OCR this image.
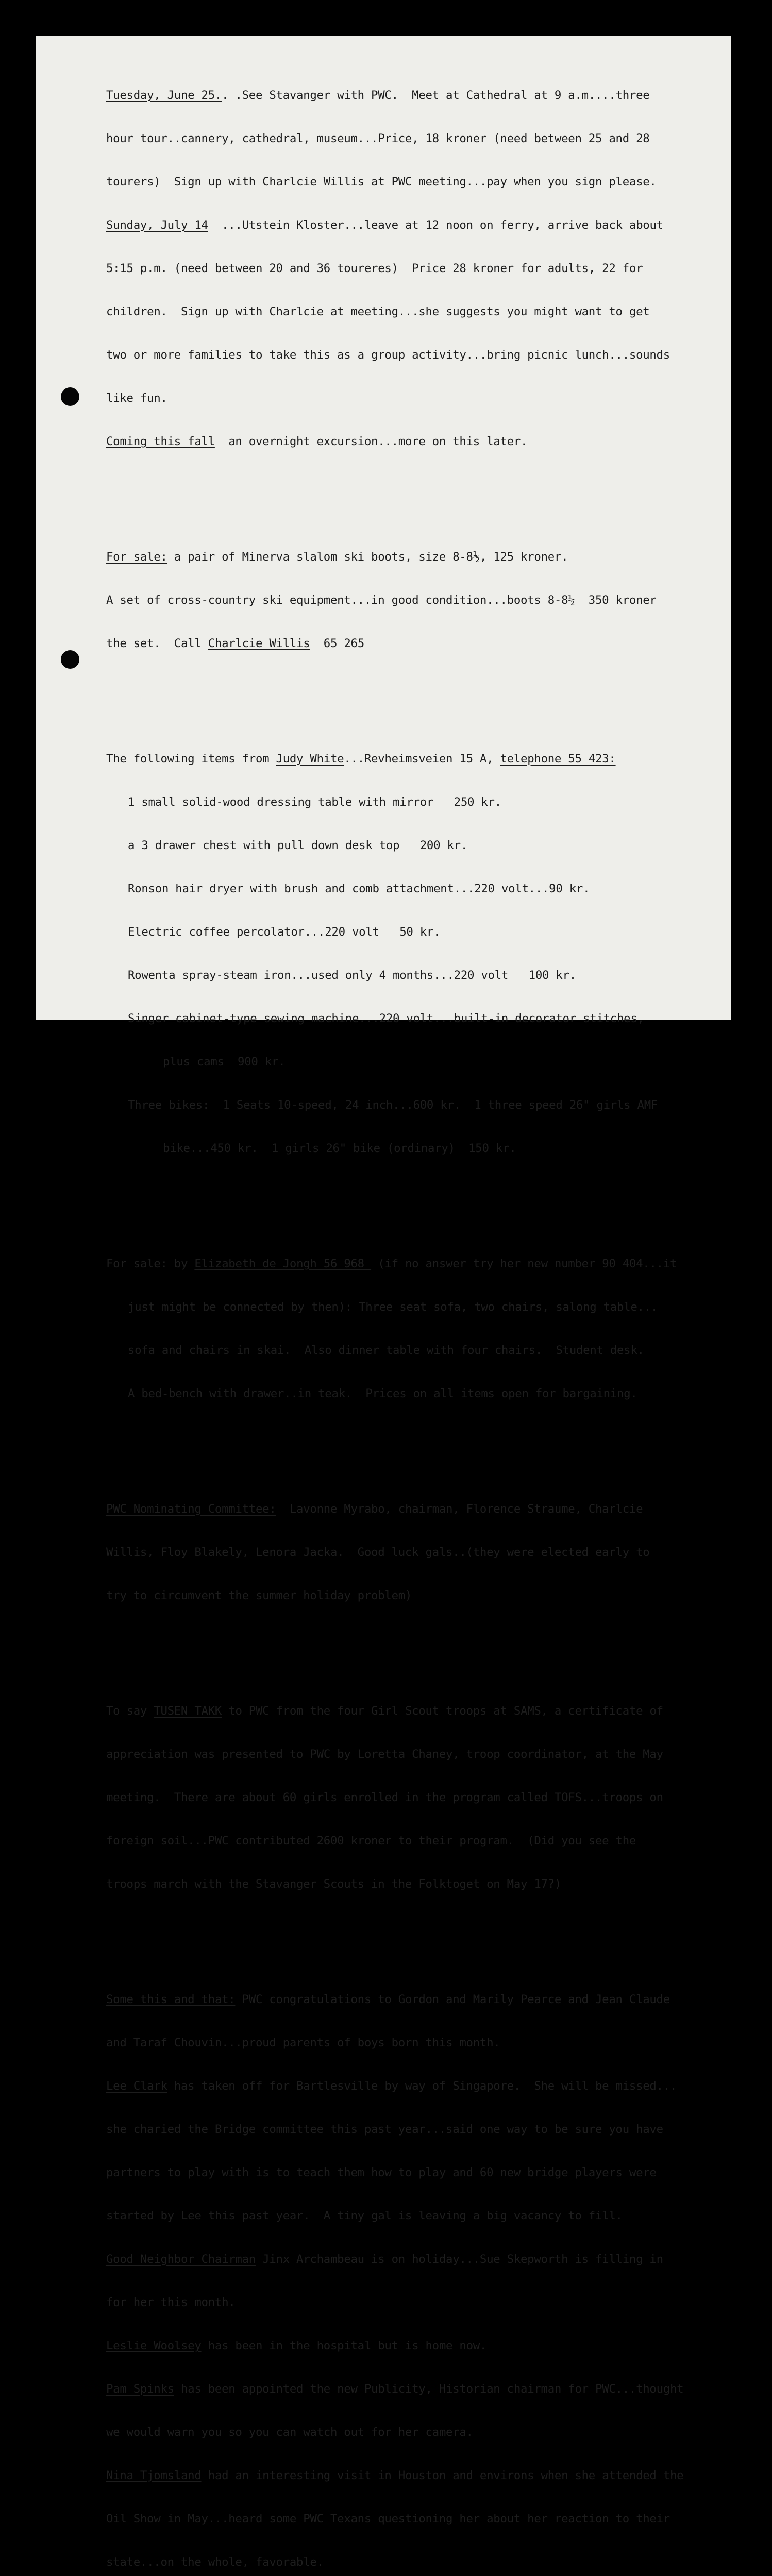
Tuesday, June 25.. .See Stavanger with PWC.  Meet at Cathedral at 9 a.m....three

hour tour..cannery, cathedral, museum...Price, 18 kroner (need between 25 and 28

tourers)  Sign up with Charlcie Willis at PWC meeting...pay when you sign please.

Sunday, July 14  ...Utstein Kloster...leave at 12 noon on ferry, arrive back about

5:15 p.m. (need between 20 and 36 toureres)  Price 28 kroner for adults, 22 for

children.  Sign up with Charlcie at meeting...she suggests you might want to get

two or more families to take this as a group activity...bring picnic lunch...sounds

like fun.

Coming this fall  an overnight excursion...more on this later.

For sale: a pair of Minerva slalom ski boots, size 8-8½, 125 kroner.

A set of cross-country ski equipment...in good condition...boots 8-8½  350 kroner

the set.  Call Charlcie Willis  65 265

The following items from Judy White...Revheimsveien 15 A, telephone 55 423:

1 small solid-wood dressing table with mirror   250 kr.

a 3 drawer chest with pull down desk top   200 kr.

Ronson hair dryer with brush and comb attachment...220 volt...90 kr.

Electric coffee percolator...220 volt   50 kr.

Rowenta spray-steam iron...used only 4 months...220 volt   100 kr.

Singer cabinet-type sewing machine...220 volt...built-in decorator stitches,

plus cams  900 kr.

Three bikes:  1 Seats 10-speed, 24 inch...600 kr.  1 three speed 26" girls AMF

bike...450 kr.  1 girls 26" bike (ordinary)  150 kr.

For sale: by Elizabeth de Jongh 56 968  (if no answer try her new number 90 404...it

just might be connected by then): Three seat sofa, two chairs, salong table...

sofa and chairs in skai.  Also dinner table with four chairs.  Student desk.

A bed-bench with drawer..in teak.  Prices on all items open for bargaining.

PWC Nominating Committee:  Lavonne Myrabo, chairman, Florence Straume, Charlcie

Willis, Floy Blakely, Lenora Jacka.  Good luck gals..(they were elected early to

try to circumvent the summer holiday problem)

To say TUSEN TAKK to PWC from the four Girl Scout troops at SAMS, a certificate of

appreciation was presented to PWC by Loretta Chaney, troop coordinator, at the May

meeting.  There are about 60 girls enrolled in the program called TOFS...troops on

foreign soil...PWC contributed 2600 kroner to their program.  (Did you see the

troops march with the Stavanger Scouts in the Folktoget on May 17?)

Some this and that: PWC congratulations to Gordon and Marily Pearce and Jean Claude

and Taraf Chouvin...proud parents of boys born this month.

Lee Clark has taken off for Bartlesville by way of Singapore.  She will be missed...

she charied the Bridge committee this past year...said one way to be sure you have

partners to play with is to teach them how to play and 60 new bridge players were

started by Lee this past year.  A tiny gal is leaving a big vacancy to fill.

Good Neighbor Chairman Jinx Archambeau is on holiday...Sue Skepworth is filling in

for her this month.

Leslie Woolsey has been in the hospital but is home now.

Pam Spinks has been appointed the new Publicity, Historian chairman for PWC...thought

we would warn you so you can watch out for her camera.

Nina Tjomsland had an interesting visit in Houston and environs when she attended the

Oil Show in May...heard some PWC Texans questioning her about her reaction to their

state...on the whole, favorable.
